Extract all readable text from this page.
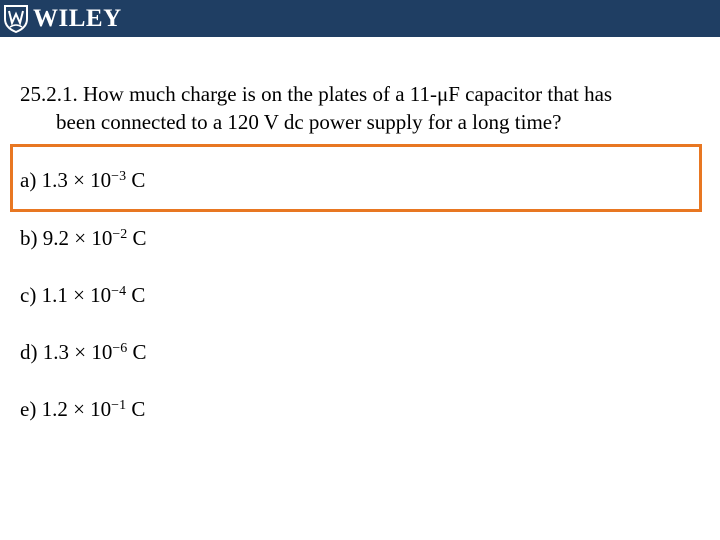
WILEY
25.2.1. How much charge is on the plates of a 11-μF capacitor that has
been connected to a 120 V dc power supply for a long time?
a) $1.3 \times 10^{-3}$ C
b) $9.2 \times 10^{-2}$ C
c) $1.1 \times 10^{-4}$ C
d) $1.3 \times 10^{-6}$ C
e) $1.2 \times 10^{-1}$ C
